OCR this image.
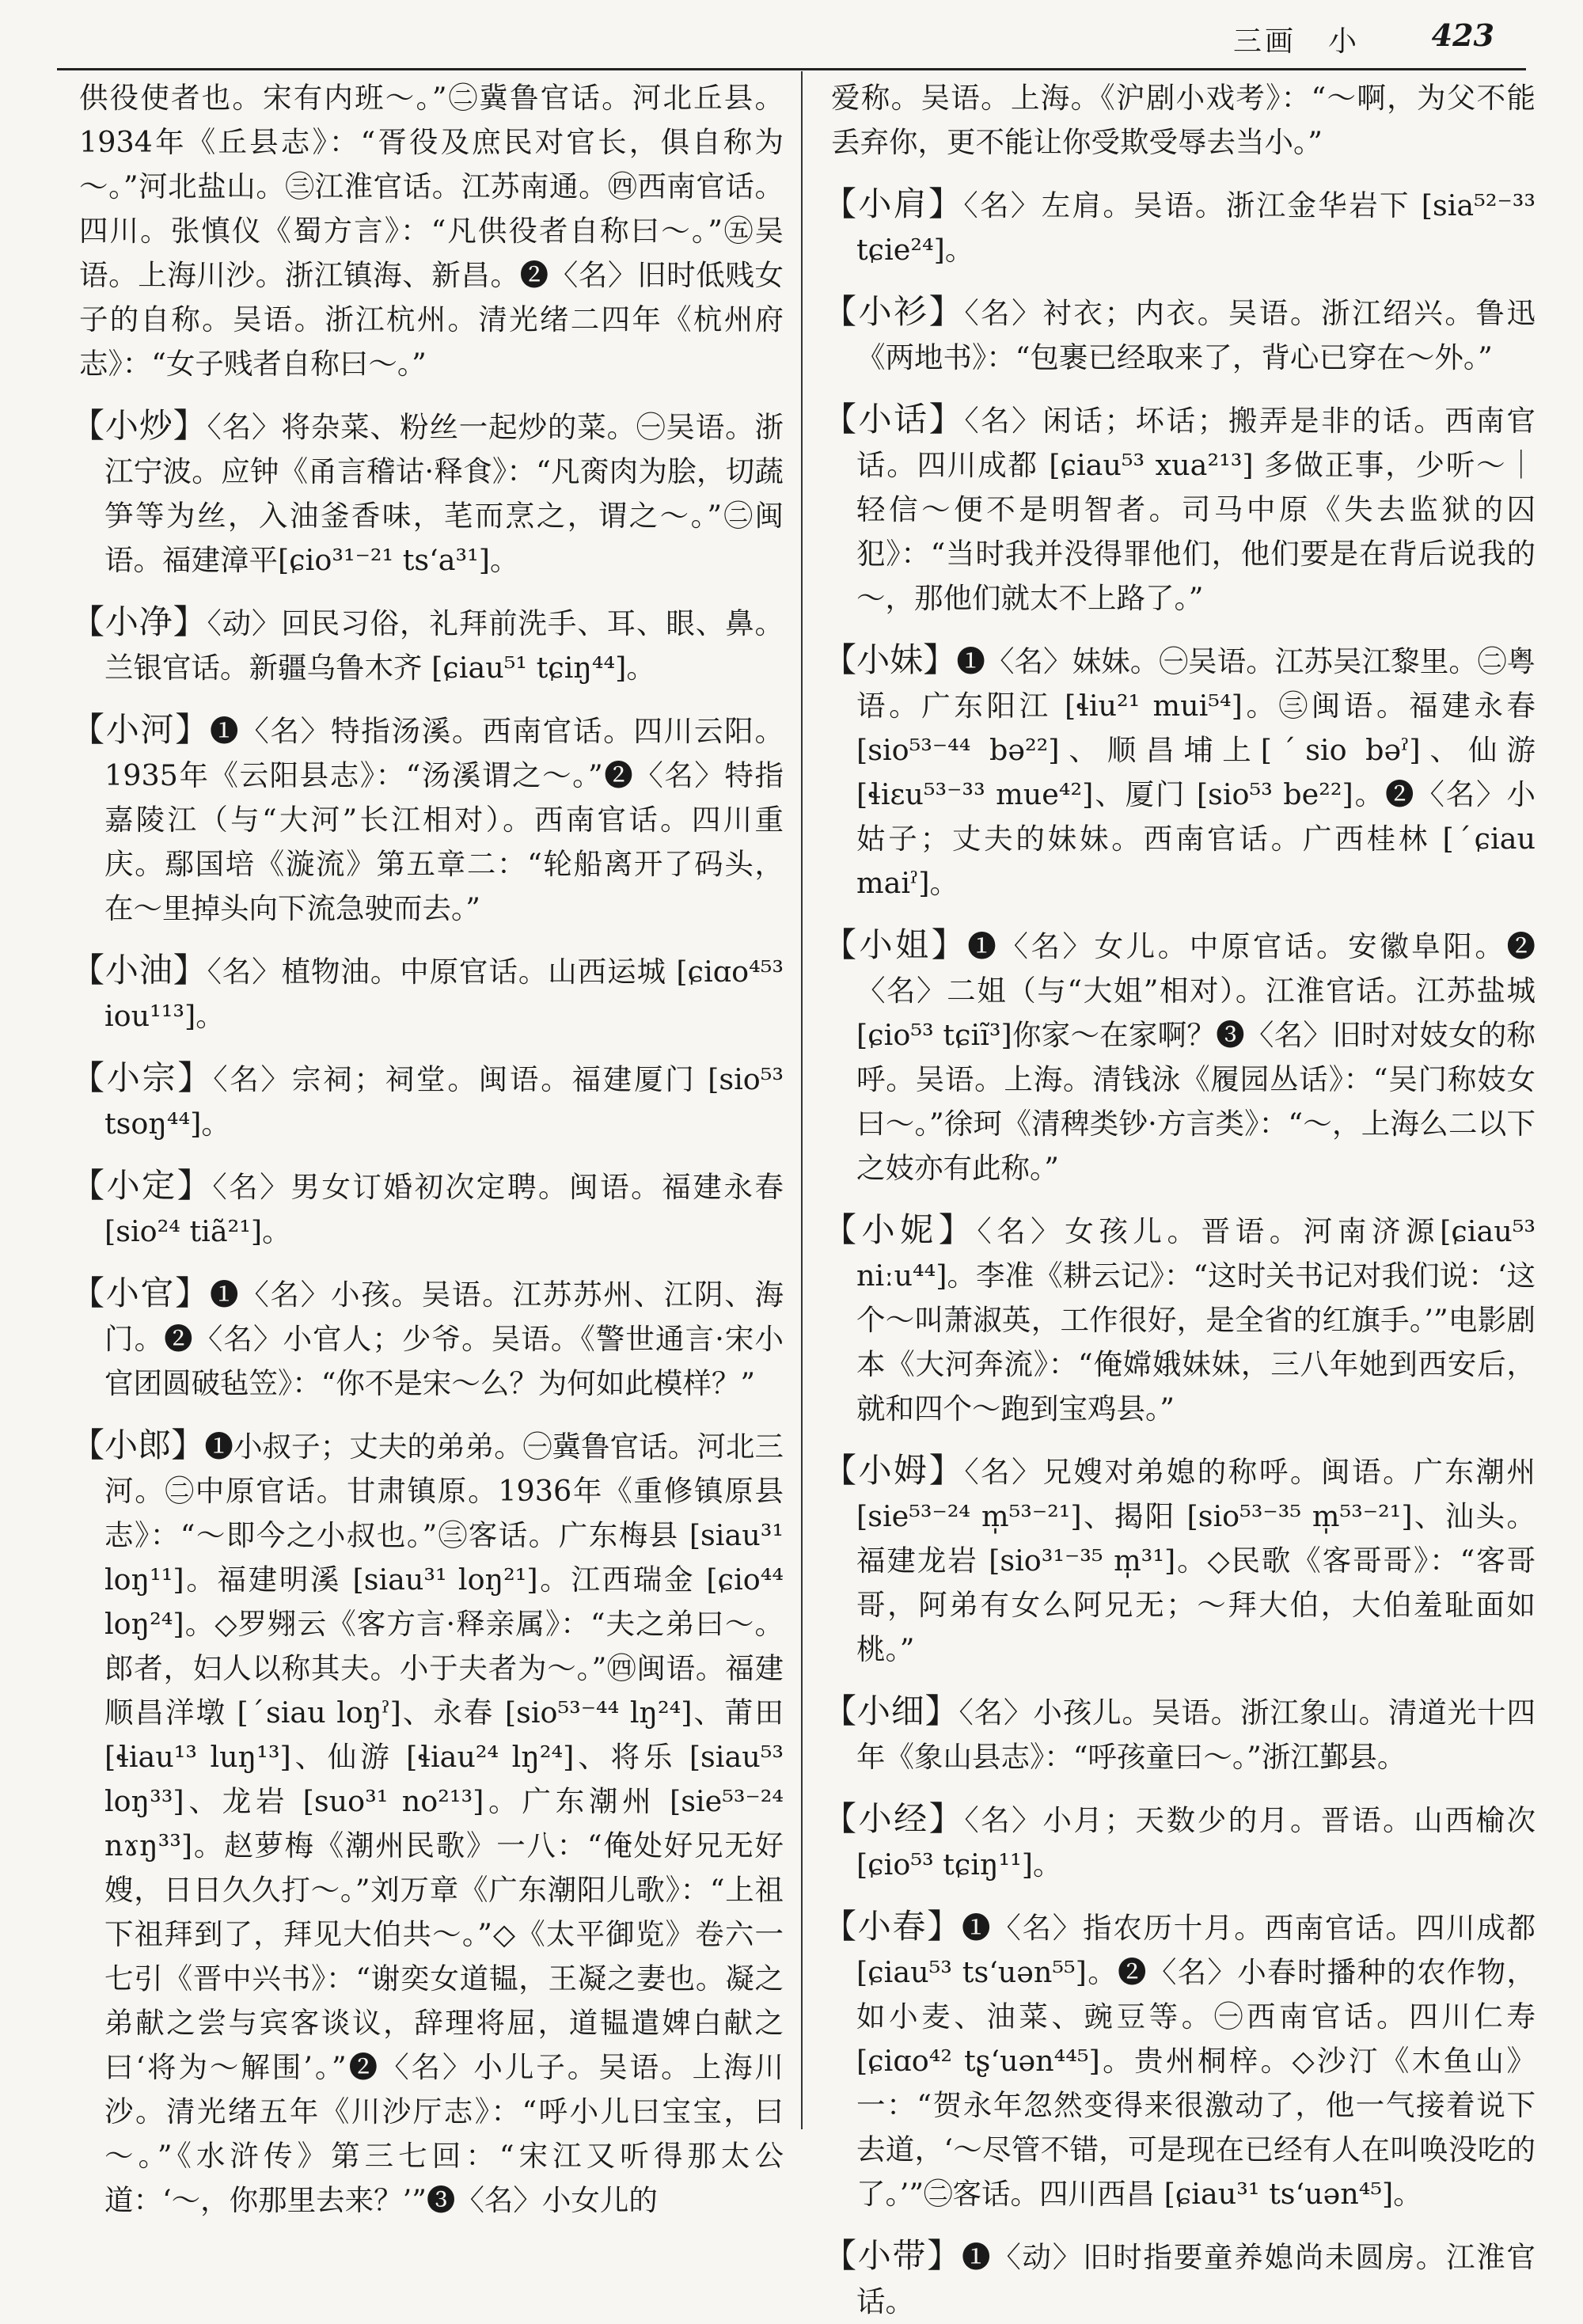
三画　小 423

供役使者也。宋有内班～。”㊁冀鲁官话。河北丘县。1934年《丘县志》：“胥役及庶民对官长，俱自称为～。”河北盐山。㊂江淮官话。江苏南通。㊃西南官话。四川。张慎仪《蜀方言》：“凡供役者自称曰～。”㊄吴语。上海川沙。浙江镇海、新昌。❷〈名〉旧时低贱女子的自称。吴语。浙江杭州。清光绪二四年《杭州府志》：“女子贱者自称曰～。”

【小炒】〈名〉将杂菜、粉丝一起炒的菜。㊀吴语。浙江宁波。应钟《甬言稽诂·释食》：“凡脔肉为脍，切蔬笋等为丝，入油釜香味，芼而烹之，谓之～。”㊁闽语。福建漳平[ɕio³¹⁻²¹ tsʻa³¹]。

【小净】〈动〉回民习俗，礼拜前洗手、耳、眼、鼻。兰银官话。新疆乌鲁木齐 [ɕiau⁵¹ tɕiŋ⁴⁴]。

【小河】❶〈名〉特指汤溪。西南官话。四川云阳。1935年《云阳县志》：“汤溪谓之～。”❷〈名〉特指嘉陵江（与“大河”长江相对）。西南官话。四川重庆。鄢国培《漩流》第五章二：“轮船离开了码头，在～里掉头向下流急驶而去。”

【小油】〈名〉植物油。中原官话。山西运城 [ɕiɑo⁴⁵³ iou¹¹³]。

【小宗】〈名〉宗祠；祠堂。闽语。福建厦门 [sio⁵³ tsoŋ⁴⁴]。

【小定】〈名〉男女订婚初次定聘。闽语。福建永春[sio²⁴ tiã²¹]。

【小官】❶〈名〉小孩。吴语。江苏苏州、江阴、海门。❷〈名〉小官人；少爷。吴语。《警世通言·宋小官团圆破毡笠》：“你不是宋～么？为何如此模样？”

【小郎】❶小叔子；丈夫的弟弟。㊀冀鲁官话。河北三河。㊁中原官话。甘肃镇原。1936年《重修镇原县志》：“～即今之小叔也。”㊂客话。广东梅县 [siau³¹ loŋ¹¹]。福建明溪 [siau³¹ loŋ²¹]。江西瑞金 [ɕio⁴⁴ loŋ²⁴]。◇罗翙云《客方言·释亲属》：“夫之弟曰～。郎者，妇人以称其夫。小于夫者为～。”㊃闽语。福建顺昌洋墩 [ˊsiau loŋˀ]、永春 [sio⁵³⁻⁴⁴ lŋ²⁴]、莆田 [ɬiau¹³ luŋ¹³]、仙游 [ɬiau²⁴ lŋ²⁴]、将乐 [siau⁵³ loŋ³³]、龙岩 [suo³¹ no²¹³]。广东潮州 [sie⁵³⁻²⁴ nɤŋ³³]。赵萝梅《潮州民歌》一八：“俺处好兄无好嫂，日日久久打～。”刘万章《广东潮阳儿歌》：“上祖下祖拜到了，拜见大伯共～。”◇《太平御览》卷六一七引《晋中兴书》：“谢奕女道韫，王凝之妻也。凝之弟献之尝与宾客谈议，辞理将屈，道韫遣婢白献之曰‘将为～解围’。”❷〈名〉小儿子。吴语。上海川沙。清光绪五年《川沙厅志》：“呼小儿曰宝宝，曰～。”《水浒传》第三七回：“宋江又听得那太公道：‘～，你那里去来？’”❸〈名〉小女儿的

爱称。吴语。上海。《沪剧小戏考》：“～啊，为父不能丢弃你，更不能让你受欺受辱去当小。”

【小肩】〈名〉左肩。吴语。浙江金华岩下 [sia⁵²⁻³³ tɕie²⁴]。

【小衫】〈名〉衬衣；内衣。吴语。浙江绍兴。鲁迅《两地书》：“包裹已经取来了，背心已穿在～外。”

【小话】〈名〉闲话；坏话；搬弄是非的话。西南官话。四川成都 [ɕiau⁵³ xua²¹³] 多做正事，少听～｜轻信～便不是明智者。司马中原《失去监狱的囚犯》：“当时我并没得罪他们，他们要是在背后说我的～，那他们就太不上路了。”

【小妹】❶〈名〉妹妹。㊀吴语。江苏吴江黎里。㊁粤语。广东阳江 [ɬiu²¹ mui⁵⁴]。㊂闽语。福建永春[sio⁵³⁻⁴⁴ bə²²]、顺昌埔上[ˊsio bəˀ]、仙游[ɬiɛu⁵³⁻³³ mue⁴²]、厦门 [sio⁵³ be²²]。❷〈名〉小姑子；丈夫的妹妹。西南官话。广西桂林 [ˊɕiau maiˀ]。

【小姐】❶〈名〉女儿。中原官话。安徽阜阳。❷〈名〉二姐（与“大姐”相对）。江淮官话。江苏盐城[ɕio⁵³ tɕiĩ³]你家～在家啊？❸〈名〉旧时对妓女的称呼。吴语。上海。清钱泳《履园丛话》：“吴门称妓女曰～。”徐珂《清稗类钞·方言类》：“～，上海么二以下之妓亦有此称。”

【小妮】〈名〉女孩儿。晋语。河南济源[ɕiau⁵³ niːu⁴⁴]。李准《耕云记》：“这时关书记对我们说：‘这个～叫萧淑英，工作很好，是全省的红旗手。’”电影剧本《大河奔流》：“俺嫦娥妹妹，三八年她到西安后，就和四个～跑到宝鸡县。”

【小姆】〈名〉兄嫂对弟媳的称呼。闽语。广东潮州 [sie⁵³⁻²⁴ m̩⁵³⁻²¹]、揭阳 [sio⁵³⁻³⁵ m̩⁵³⁻²¹]、汕头。福建龙岩 [sio³¹⁻³⁵ m̩³¹]。◇民歌《客哥哥》：“客哥哥，阿弟有女么阿兄无；～拜大伯，大伯羞耻面如桃。”

【小细】〈名〉小孩儿。吴语。浙江象山。清道光十四年《象山县志》：“呼孩童曰～。”浙江鄞县。

【小经】〈名〉小月；天数少的月。晋语。山西榆次 [ɕio⁵³ tɕiŋ¹¹]。

【小春】❶〈名〉指农历十月。西南官话。四川成都 [ɕiau⁵³ tsʻuən⁵⁵]。❷〈名〉小春时播种的农作物，如小麦、油菜、豌豆等。㊀西南官话。四川仁寿 [ɕiɑo⁴² tʂʻuən⁴⁴⁵]。贵州桐梓。◇沙汀《木鱼山》一：“贺永年忽然变得来很激动了，他一气接着说下去道，‘～尽管不错，可是现在已经有人在叫唤没吃的了。’”㊁客话。四川西昌 [ɕiau³¹ tsʻuən⁴⁵]。

【小带】❶〈动〉旧时指要童养媳尚未圆房。江淮官话。
